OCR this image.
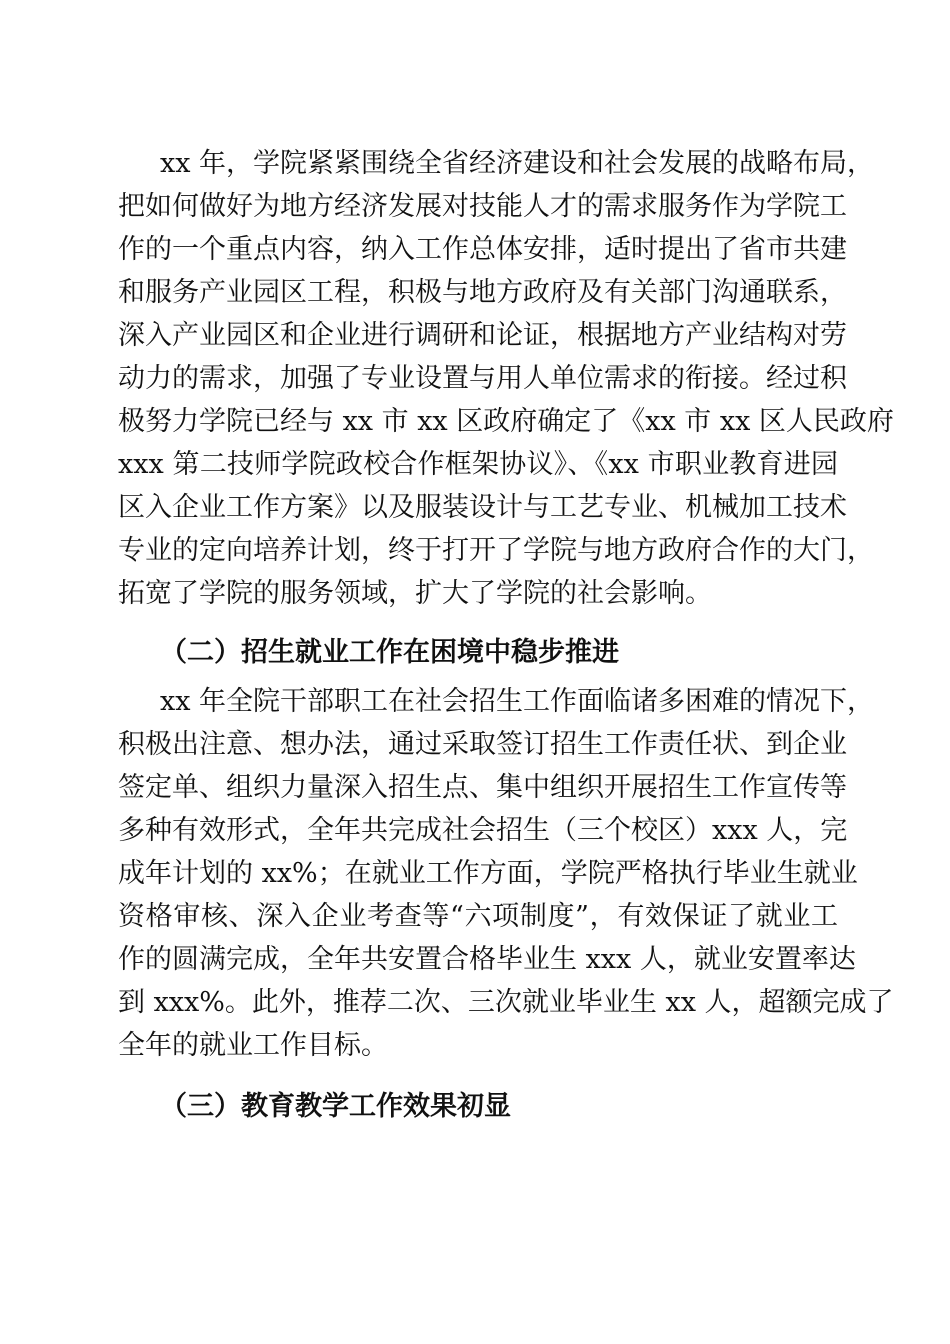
xx 年，学院紧紧围绕全省经济建设和社会发展的战略布局，

把如何做好为地方经济发展对技能人才的需求服务作为学院工

作的一个重点内容，纳入工作总体安排，适时提出了省市共建

和服务产业园区工程，积极与地方政府及有关部门沟通联系，

深入产业园区和企业进行调研和论证，根据地方产业结构对劳

动力的需求，加强了专业设置与用人单位需求的衔接。经过积

极努力学院已经与 xx 市 xx 区政府确定了《xx 市 xx 区人民政府

xxx 第二技师学院政校合作框架协议》、《xx 市职业教育进园

区入企业工作方案》以及服装设计与工艺专业、机械加工技术

专业的定向培养计划，终于打开了学院与地方政府合作的大门，

拓宽了学院的服务领域，扩大了学院的社会影响。

（二）招生就业工作在困境中稳步推进

xx 年全院干部职工在社会招生工作面临诸多困难的情况下，

积极出注意、想办法，通过采取签订招生工作责任状、到企业

签定单、组织力量深入招生点、集中组织开展招生工作宣传等

多种有效形式，全年共完成社会招生（三个校区）xxx 人，完

成年计划的 xx%；在就业工作方面，学院严格执行毕业生就业

资格审核、深入企业考查等“六项制度”，有效保证了就业工

作的圆满完成，全年共安置合格毕业生 xxx 人，就业安置率达

到 xxx%。此外，推荐二次、三次就业毕业生 xx 人，超额完成了

全年的就业工作目标。

（三）教育教学工作效果初显
